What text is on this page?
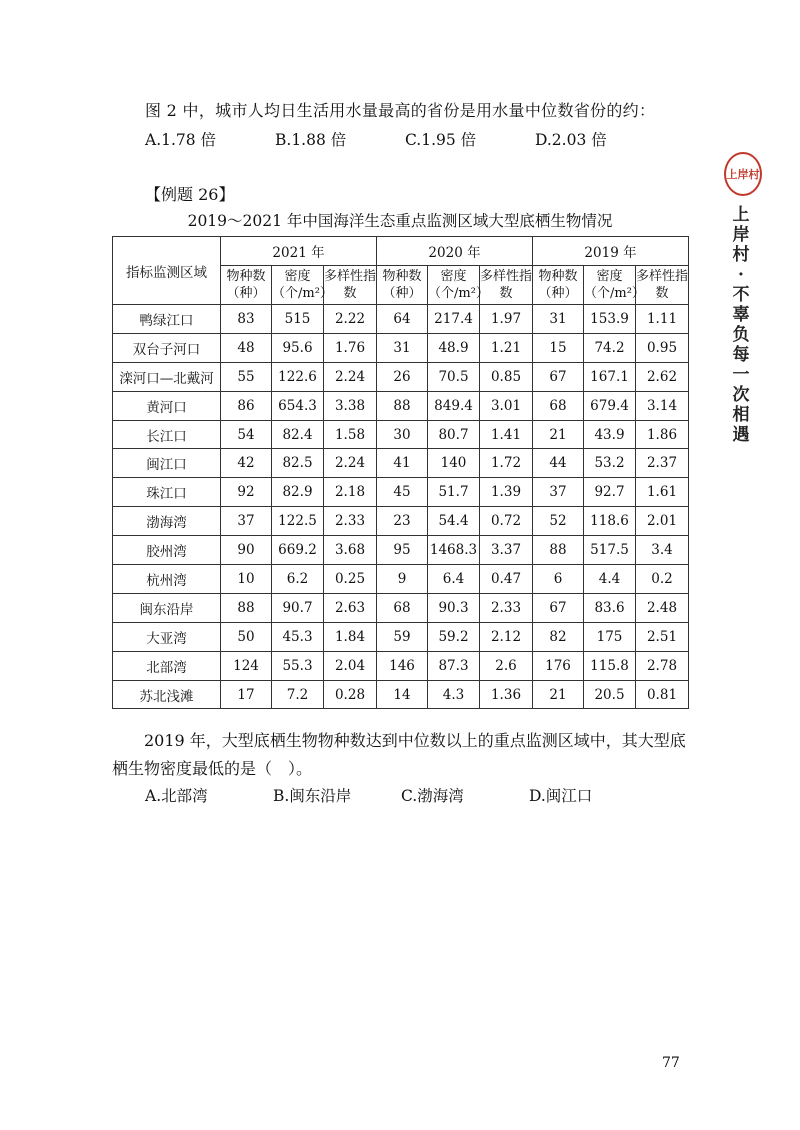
图 2 中，城市人均日生活用水量最高的省份是用水量中位数省份的约：
A.1.78 倍	B.1.88 倍	C.1.95 倍	D.2.03 倍
【例题 26】
2019～2021 年中国海洋生态重点监测区域大型底栖生物情况
指标监测区域	2021 年			2020 年			2019 年		
	物种数（种）	密度（个/m²）	多样性指数	物种数（种）	密度（个/m²）	多样性指数	物种数（种）	密度（个/m²）	多样性指数
鸭绿江口	83	515	2.22	64	217.4	1.97	31	153.9	1.11
双台子河口	48	95.6	1.76	31	48.9	1.21	15	74.2	0.95
滦河口—北戴河	55	122.6	2.24	26	70.5	0.85	67	167.1	2.62
黄河口	86	654.3	3.38	88	849.4	3.01	68	679.4	3.14
长江口	54	82.4	1.58	30	80.7	1.41	21	43.9	1.86
闽江口	42	82.5	2.24	41	140	1.72	44	53.2	2.37
珠江口	92	82.9	2.18	45	51.7	1.39	37	92.7	1.61
渤海湾	37	122.5	2.33	23	54.4	0.72	52	118.6	2.01
胶州湾	90	669.2	3.68	95	1468.3	3.37	88	517.5	3.4
杭州湾	10	6.2	0.25	9	6.4	0.47	6	4.4	0.2
闽东沿岸	88	90.7	2.63	68	90.3	2.33	67	83.6	2.48
大亚湾	50	45.3	1.84	59	59.2	2.12	82	175	2.51
北部湾	124	55.3	2.04	146	87.3	2.6	176	115.8	2.78
苏北浅滩	17	7.2	0.28	14	4.3	1.36	21	20.5	0.81
2019 年，大型底栖生物物种数达到中位数以上的重点监测区域中，其大型底栖生物密度最低的是（　）。
A.北部湾	B.闽东沿岸	C.渤海湾	D.闽江口
上岸村
上岸村·不辜负每一次相遇
77
